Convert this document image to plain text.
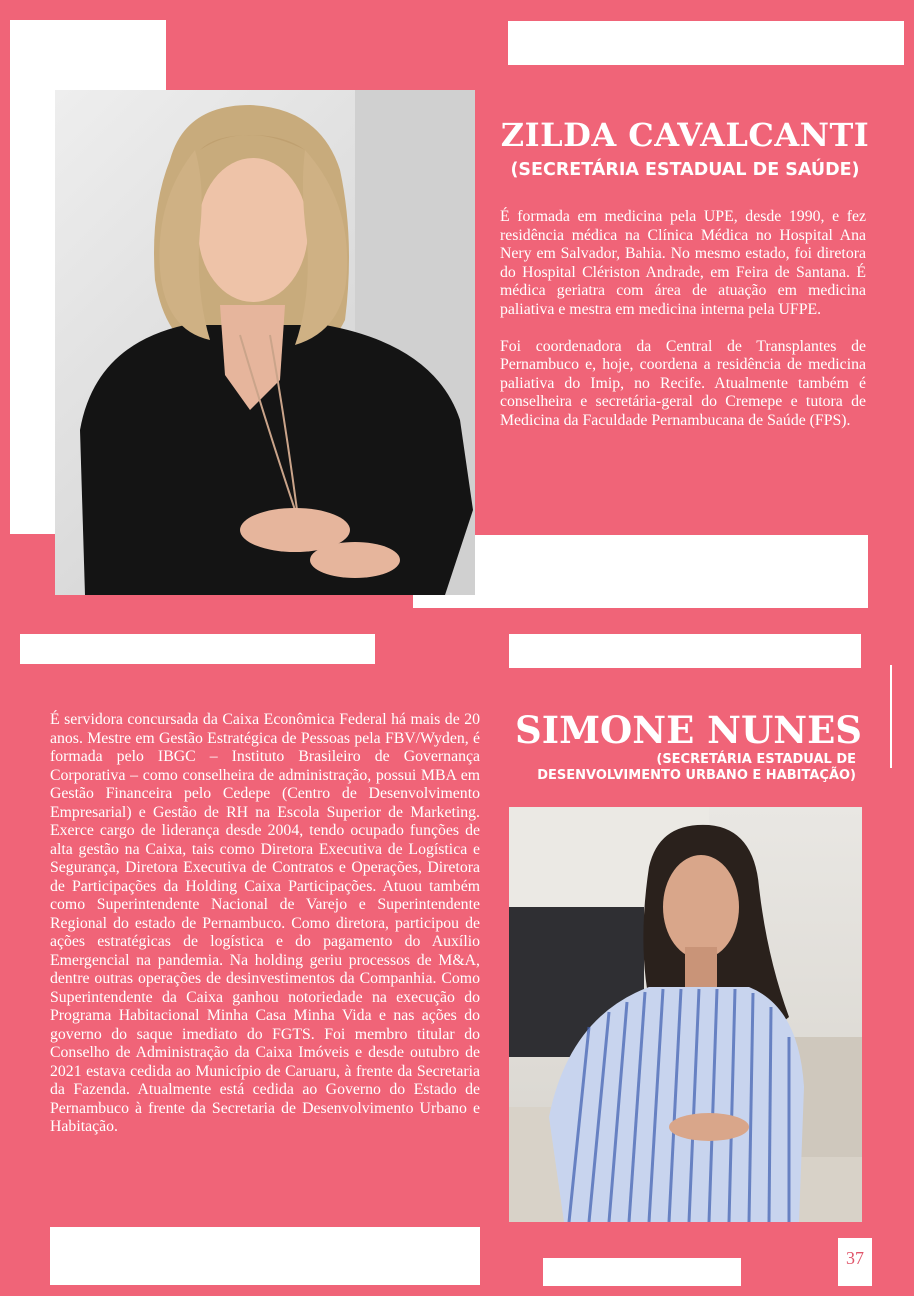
ZILDA CAVALCANTI
(SECRETÁRIA ESTADUAL DE SAÚDE)

É formada em medicina pela UPE, desde 1990, e fez residência médica na Clínica Médica no Hospital Ana Nery em Salvador, Bahia. No mesmo estado, foi diretora do Hospital Clériston Andrade, em Feira de Santana. É médica geriatra com área de atuação em medicina paliativa e mestra em medicina interna pela UFPE.

Foi coordenadora da Central de Transplantes de Pernambuco e, hoje, coordena a residência de medicina paliativa do Imip, no Recife. Atualmente também é conselheira e secretária-geral do Cremepe e tutora de Medicina da Faculdade Pernambucana de Saúde (FPS).

É servidora concursada da Caixa Econômica Federal há mais de 20 anos. Mestre em Gestão Estratégica de Pessoas pela FBV/Wyden, é formada pelo IBGC – Instituto Brasileiro de Governança Corporativa – como conselheira de administração, possui MBA em Gestão Financeira pelo Cedepe (Centro de Desenvolvimento Empresarial) e Gestão de RH na Escola Superior de Marketing. Exerce cargo de liderança desde 2004, tendo ocupado funções de alta gestão na Caixa, tais como Diretora Executiva de Logística e Segurança, Diretora Executiva de Contratos e Operações, Diretora de Participações da Holding Caixa Participações. Atuou também como Superintendente Nacional de Varejo e Superintendente Regional do estado de Pernambuco. Como diretora, participou de ações estratégicas de logística e do pagamento do Auxílio Emergencial na pandemia. Na holding geriu processos de M&A, dentre outras operações de desinvestimentos da Companhia. Como Superintendente da Caixa ganhou notoriedade na execução do Programa Habitacional Minha Casa Minha Vida e nas ações do governo do saque imediato do FGTS. Foi membro titular do Conselho de Administração da Caixa Imóveis e desde outubro de 2021 estava cedida ao Município de Caruaru, à frente da Secretaria da Fazenda. Atualmente está cedida ao Governo do Estado de Pernambuco à frente da Secretaria de Desenvolvimento Urbano e Habitação.
SIMONE NUNES
(SECRETÁRIA ESTADUAL DE
DESENVOLVIMENTO URBANO E HABITAÇÃO)
37
